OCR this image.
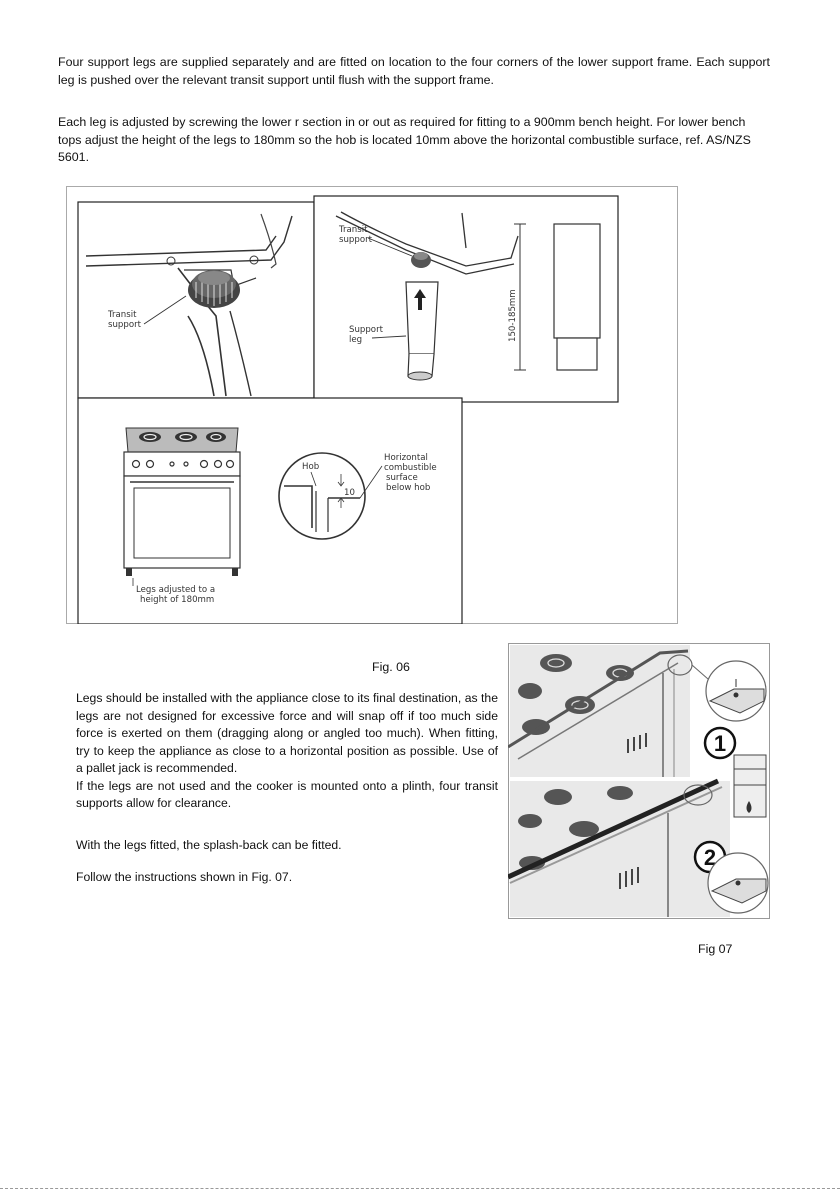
Four support legs are supplied separately and are fitted on location to the four corners of the lower support frame. Each support leg is pushed over the relevant transit support until flush with the support frame.

Each leg is adjusted by screwing the lower r section in or out as required for fitting to a 900mm bench height. For lower bench tops adjust the height of the legs to 180mm so the hob is located 10mm above the horizontal combustible surface, ref. AS/NZS 5601.

Transit
support
Transit
support
Support
leg	150-185mm
Legs adjusted to a
height of 180mm
10
Hob
Horizontal
combustible
surface
below hob
Fig. 06

Legs should be installed with the appliance close to its final destination, as the legs are not designed for excessive force and will snap off if too much side force is exerted on them (dragging along or angled too much). When fitting, try to keep the appliance as close to a horizontal position as possible. Use of a pallet jack is recommended.

If the legs are not used and the cooker is mounted onto a plinth, four transit supports allow for clearance.

With the legs fitted, the splash-back can be fitted.

Follow the instructions shown in Fig. 07.

1
2
Fig 07
